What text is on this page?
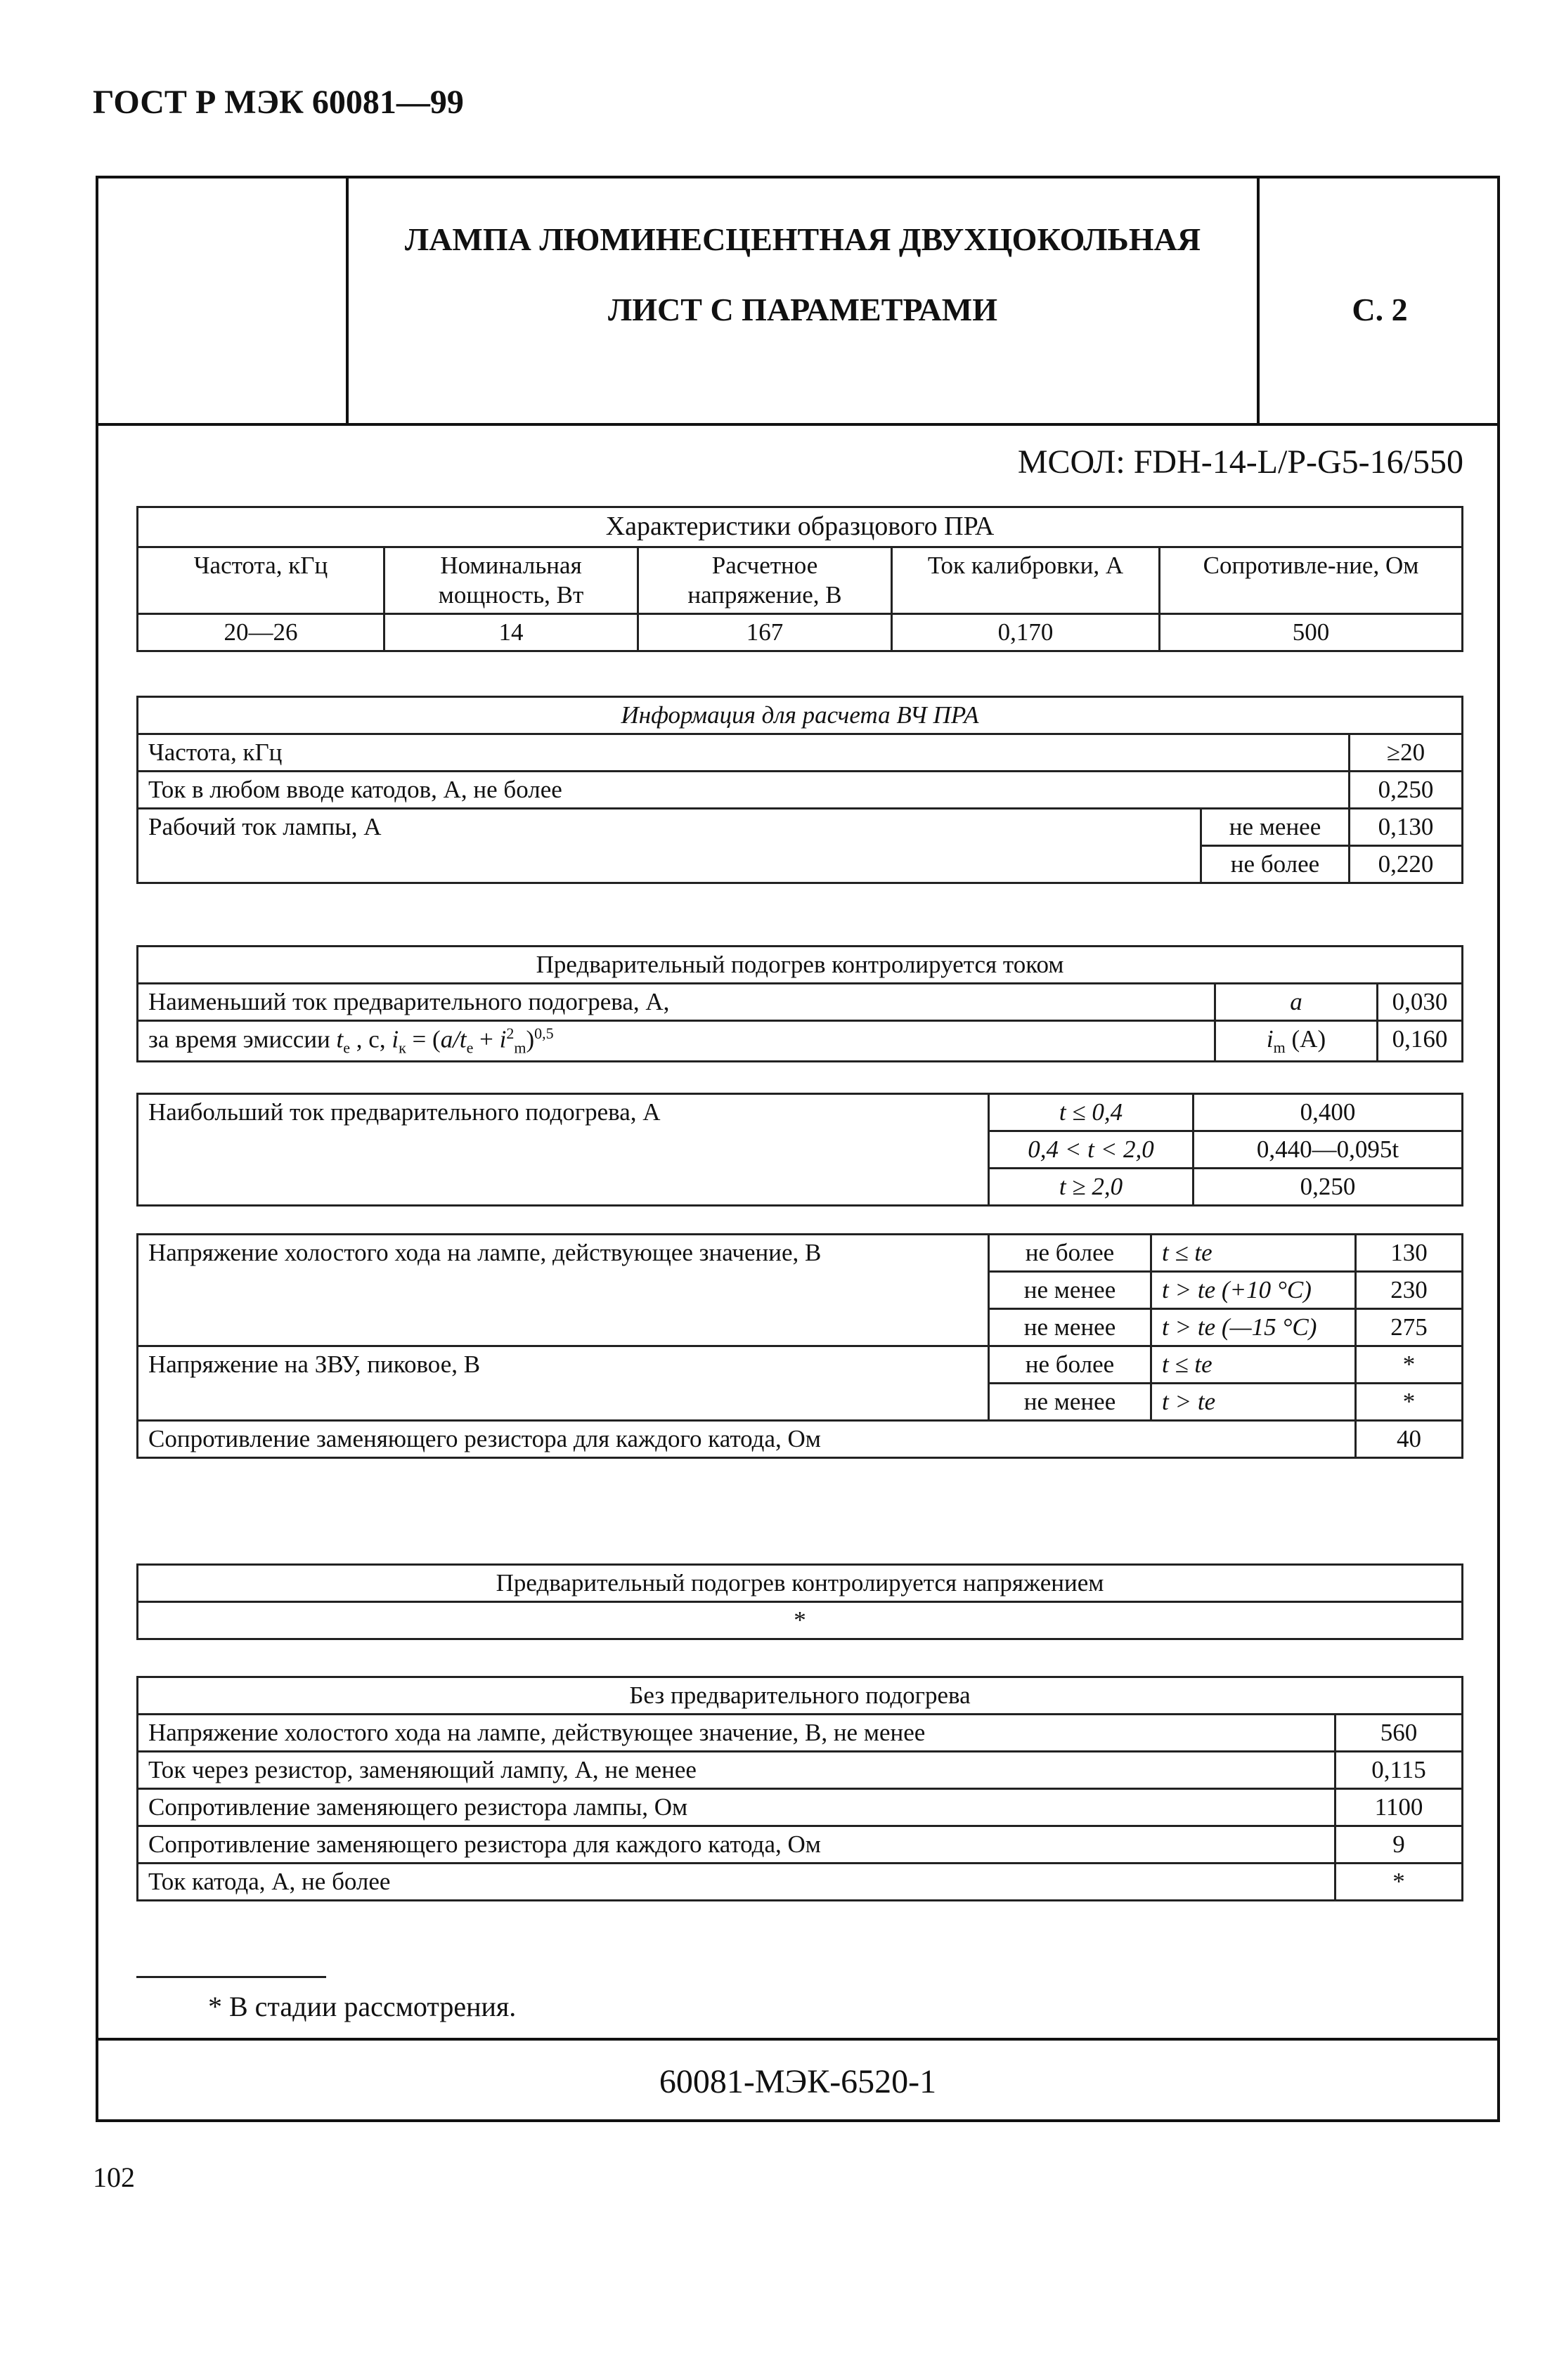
ГОСТ Р МЭК 60081—99
ЛАМПА ЛЮМИНЕСЦЕНТНАЯ ДВУХЦОКОЛЬНАЯ
ЛИСТ С ПАРАМЕТРАМИ	С. 2
МСОЛ: FDH-14-L/P-G5-16/550
Характеристики образцового ПРА				
Частота, кГц	Номинальная мощность, Вт	Расчетное напряжение, В	Ток калибровки, А	Сопротивле-ние, Ом
20—26	14	167	0,170	500
Информация для расчета ВЧ ПРА		
Частота, кГц		≥20
Ток в любом вводе катодов, А, не более		0,250
Рабочий ток лампы, А	не менее	0,130
	не более	0,220
Предварительный подогрев контролируется током		
Наименьший ток предварительного подогрева, А,	a	0,030
за время эмиссии $t_е$ , с, $i_к = (a/t_е + i^2_m)^{0,5}$	$i_m$ (А)	0,160
Наибольший ток предварительного подогрева, А	t ≤ 0,4	0,400
	0,4 < t < 2,0	0,440—0,095t
	t ≥ 2,0	0,250
Напряжение холостого хода на лампе, действующее значение, В	не более	t ≤ tе	130
	не менее	t > tе (+10 °С)	230
	не менее	t > tе (—15 °С)	275
Напряжение на ЗВУ, пиковое, В	не более	t ≤ tе	*
	не менее	t > tе	*
Сопротивление заменяющего резистора для каждого катода, Ом			40
Предварительный подогрев контролируется напряжением
*
Без предварительного подогрева	
Напряжение холостого хода на лампе, действующее значение, В, не менее	560
Ток через резистор, заменяющий лампу, А, не менее	0,115
Сопротивление заменяющего резистора лампы, Ом	1100
Сопротивление заменяющего резистора для каждого катода, Ом	9
Ток катода, А, не более	*
* В стадии рассмотрения.
60081-МЭК-6520-1
102
